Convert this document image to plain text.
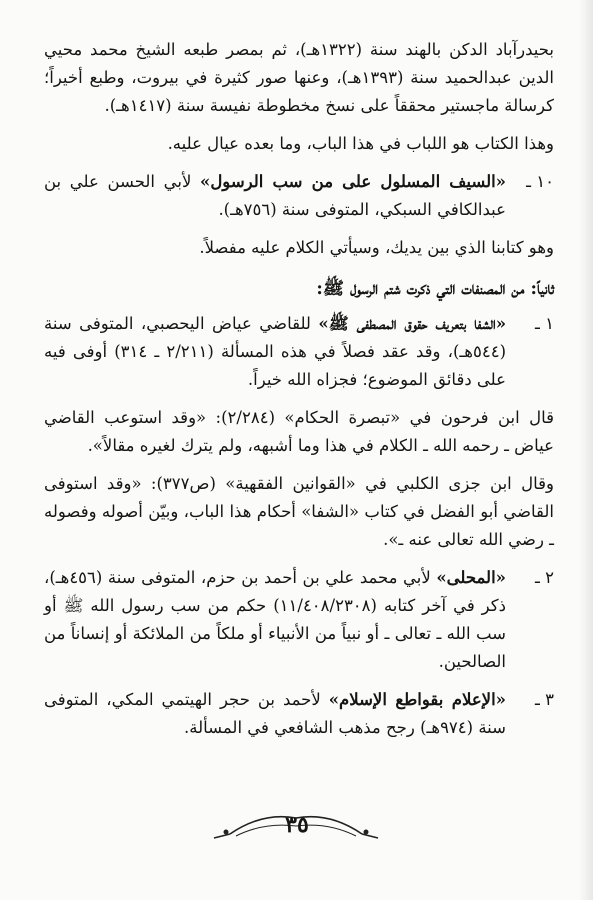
بحيدرآباد الدكن بالهند سنة (١٣٢٢هـ)، ثم بمصر طبعه الشيخ محمد محيي الدين عبدالحميد سنة (١٣٩٣هـ)، وعنها صور كثيرة في بيروت، وطبع أخيراً؛ كرسالة ماجستير محققاً على نسخ مخطوطة نفيسة سنة (١٤١٧هـ).

وهذا الكتاب هو اللباب في هذا الباب، وما بعده عيال عليه.

١٠ ـ

«السيف المسلول على من سب الرسول» لأبي الحسن علي بن عبدالكافي السبكي، المتوفى سنة (٧٥٦هـ).

وهو كتابنا الذي بين يديك، وسيأتي الكلام عليه مفصلاً.

ثانياً: من المصنفات التي ذكرت شتم الرسول ﷺ:
١ ـ

«الشفا بتعريف حقوق المصطفى ﷺ» للقاضي عياض اليحصبي، المتوفى سنة (٥٤٤هـ)، وقد عقد فصلاً في هذه المسألة (٢/٢١١ ـ ٣١٤) أوفى فيه على دقائق الموضوع؛ فجزاه الله خيراً.

قال ابن فرحون في «تبصرة الحكام» (٢/٢٨٤): «وقد استوعب القاضي عياض ـ رحمه الله ـ الكلام في هذا وما أشبهه، ولم يترك لغيره مقالاً».

وقال ابن جزى الكلبي في «القوانين الفقهية» (ص٣٧٧): «وقد استوفى القاضي أبو الفضل في كتاب «الشفا» أحكام هذا الباب، وبيّن أصوله وفصوله ـ رضي الله تعالى عنه ـ».

٢ ـ

«المحلى» لأبي محمد علي بن أحمد بن حزم، المتوفى سنة (٤٥٦هـ)، ذكر في آخر كتابه (١١/٤٠٨/٢٣٠٨) حكم من سب رسول الله ﷺ أو سب الله ـ تعالى ـ أو نبياً من الأنبياء أو ملكاً من الملائكة أو إنساناً من الصالحين.

٣ ـ

«الإعلام بقواطع الإسلام» لأحمد بن حجر الهيتمي المكي، المتوفى سنة (٩٧٤هـ) رجح مذهب الشافعي في المسألة.

٣٥
